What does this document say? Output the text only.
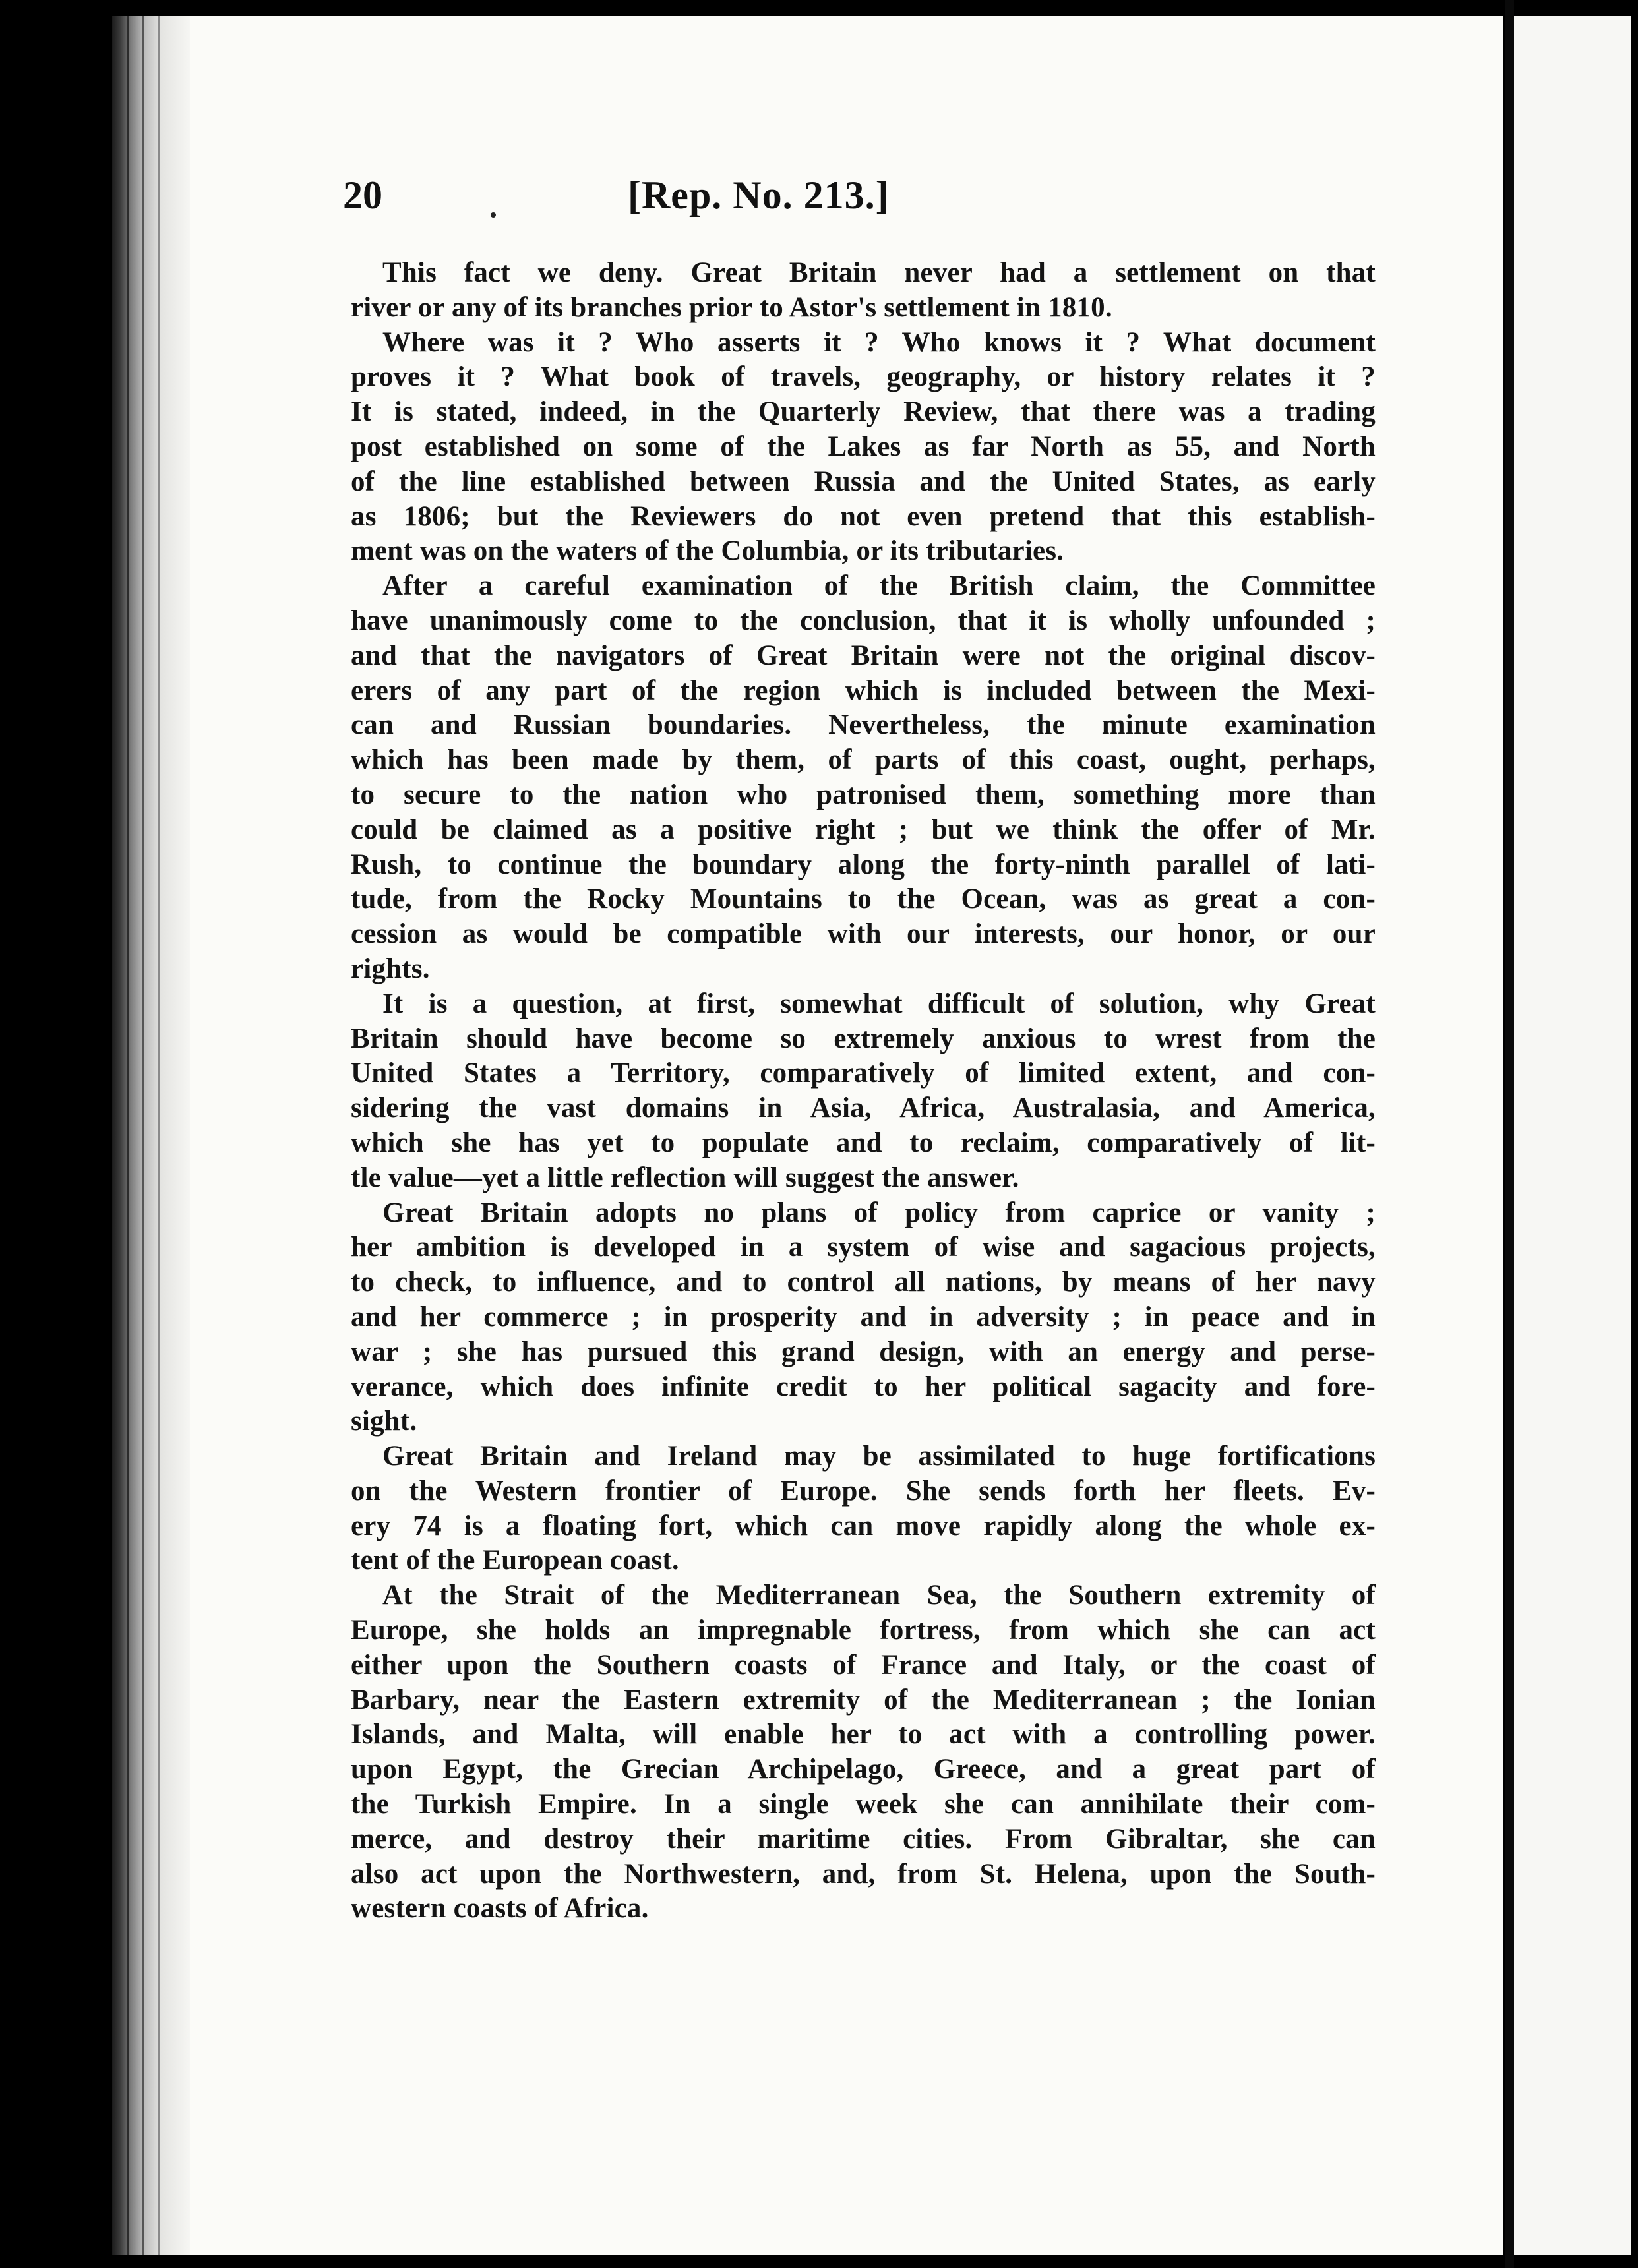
20	[Rep. No. 213.]

This fact we deny. Great Britain never had a settlement on that
river or any of its branches prior to Astor's settlement in 1810.

Where was it ? Who asserts it ? Who knows it ? What document
proves it ? What book of travels, geography, or history relates it ?
It is stated, indeed, in the Quarterly Review, that there was a trading
post established on some of the Lakes as far North as 55, and North
of the line established between Russia and the United States, as early
as 1806; but the Reviewers do not even pretend that this establish-
ment was on the waters of the Columbia, or its tributaries.

After a careful examination of the British claim, the Committee
have unanimously come to the conclusion, that it is wholly unfounded ;
and that the navigators of Great Britain were not the original discov-
erers of any part of the region which is included between the Mexi-
can and Russian boundaries. Nevertheless, the minute examination
which has been made by them, of parts of this coast, ought, perhaps,
to secure to the nation who patronised them, something more than
could be claimed as a positive right ; but we think the offer of Mr.
Rush, to continue the boundary along the forty-ninth parallel of lati-
tude, from the Rocky Mountains to the Ocean, was as great a con-
cession as would be compatible with our interests, our honor, or our
rights.

It is a question, at first, somewhat difficult of solution, why Great
Britain should have become so extremely anxious to wrest from the
United States a Territory, comparatively of limited extent, and con-
sidering the vast domains in Asia, Africa, Australasia, and America,
which she has yet to populate and to reclaim, comparatively of lit-
tle value—yet a little reflection will suggest the answer.

Great Britain adopts no plans of policy from caprice or vanity ;
her ambition is developed in a system of wise and sagacious projects,
to check, to influence, and to control all nations, by means of her navy
and her commerce ; in prosperity and in adversity ; in peace and in
war ; she has pursued this grand design, with an energy and perse-
verance, which does infinite credit to her political sagacity and fore-
sight.

Great Britain and Ireland may be assimilated to huge fortifications
on the Western frontier of Europe. She sends forth her fleets. Ev-
ery 74 is a floating fort, which can move rapidly along the whole ex-
tent of the European coast.

At the Strait of the Mediterranean Sea, the Southern extremity of
Europe, she holds an impregnable fortress, from which she can act
either upon the Southern coasts of France and Italy, or the coast of
Barbary, near the Eastern extremity of the Mediterranean ; the Ionian
Islands, and Malta, will enable her to act with a controlling power.
upon Egypt, the Grecian Archipelago, Greece, and a great part of
the Turkish Empire. In a single week she can annihilate their com-
merce, and destroy their maritime cities. From Gibraltar, she can
also act upon the Northwestern, and, from St. Helena, upon the South-
western coasts of Africa.
